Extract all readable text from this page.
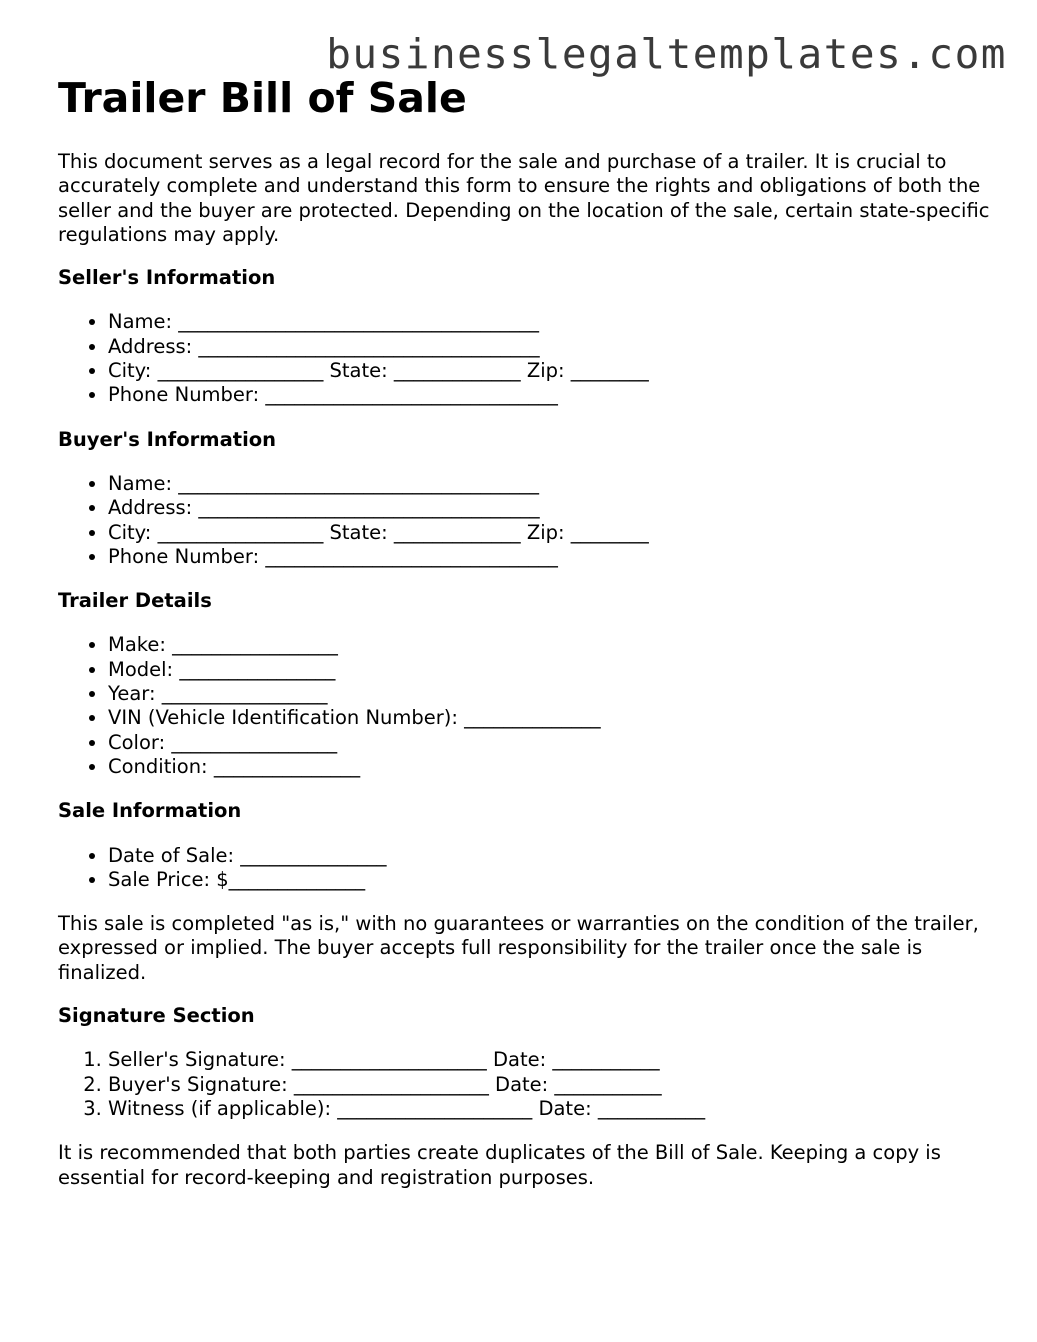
businesslegaltemplates.com
Trailer Bill of Sale

This document serves as a legal record for the sale and purchase of a trailer. It is crucial to accurately complete and understand this form to ensure the rights and obligations of both the seller and the buyer are protected. Depending on the location of the sale, certain state-specific regulations may apply.

Seller's Information
• Name: _____________________________________
• Address: ___________________________________
• City: _________________ State: _____________ Zip: ________
• Phone Number: ______________________________
Buyer's Information
• Name: _____________________________________
• Address: ___________________________________
• City: _________________ State: _____________ Zip: ________
• Phone Number: ______________________________
Trailer Details
• Make: _________________
• Model: ________________
• Year: _________________
• VIN (Vehicle Identification Number): ______________
• Color: _________________
• Condition: _______________
Sale Information
• Date of Sale: _______________
• Sale Price: $______________

This sale is completed "as is," with no guarantees or warranties on the condition of the trailer, expressed or implied. The buyer accepts full responsibility for the trailer once the sale is finalized.

Signature Section
1. Seller's Signature: ____________________ Date: ___________
2. Buyer's Signature: ____________________ Date: ___________
3. Witness (if applicable): ____________________ Date: ___________

It is recommended that both parties create duplicates of the Bill of Sale. Keeping a copy is essential for record-keeping and registration purposes.
